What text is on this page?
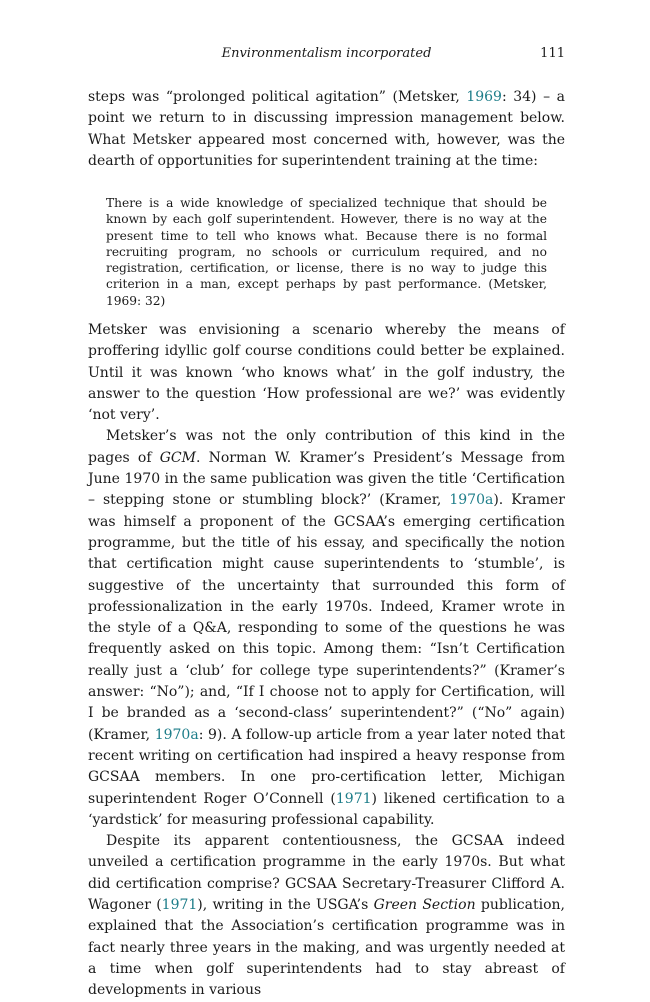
Environmentalism incorporated	111

steps was “prolonged political agitation” (Metsker, 1969: 34) – a point we return to in discussing impression management below. What Metsker appeared most concerned with, however, was the dearth of opportunities for superintendent training at the time:

There is a wide knowledge of specialized technique that should be known by each golf superintendent. However, there is no way at the present time to tell who knows what. Because there is no formal recruiting program, no schools or curriculum required, and no registration, certification, or license, there is no way to judge this criterion in a man, except perhaps by past performance. (Metsker, 1969: 32)

Metsker was envisioning a scenario whereby the means of proffering idyllic golf course conditions could better be explained. Until it was known ‘who knows what’ in the golf industry, the answer to the question ‘How professional are we?’ was evidently ‘not very’.

Metsker’s was not the only contribution of this kind in the pages of GCM. Norman W. Kramer’s President’s Message from June 1970 in the same publication was given the title ‘Certification – stepping stone or stumbling block?’ (Kramer, 1970a). Kramer was himself a proponent of the GCSAA’s emerging certification programme, but the title of his essay, and specifically the notion that certification might cause superintendents to ‘stumble’, is suggestive of the uncertainty that surrounded this form of professionalization in the early 1970s. Indeed, Kramer wrote in the style of a Q&A, responding to some of the questions he was frequently asked on this topic. Among them: “Isn’t Certification really just a ‘club’ for college type superintendents?” (Kramer’s answer: “No”); and, “If I choose not to apply for Certification, will I be branded as a ‘second-class’ superintendent?” (“No” again) (Kramer, 1970a: 9). A follow-up article from a year later noted that recent writing on certification had inspired a heavy response from GCSAA members. In one pro-certification letter, Michigan superintendent Roger O’Connell (1971) likened certification to a ‘yardstick’ for measuring professional capability.

Despite its apparent contentiousness, the GCSAA indeed unveiled a certification programme in the early 1970s. But what did certification comprise? GCSAA Secretary-Treasurer Clifford A. Wagoner (1971), writing in the USGA’s Green Section publication, explained that the Association’s certification programme was in fact nearly three years in the making, and was urgently needed at a time when golf superintendents had to stay abreast of developments in various
